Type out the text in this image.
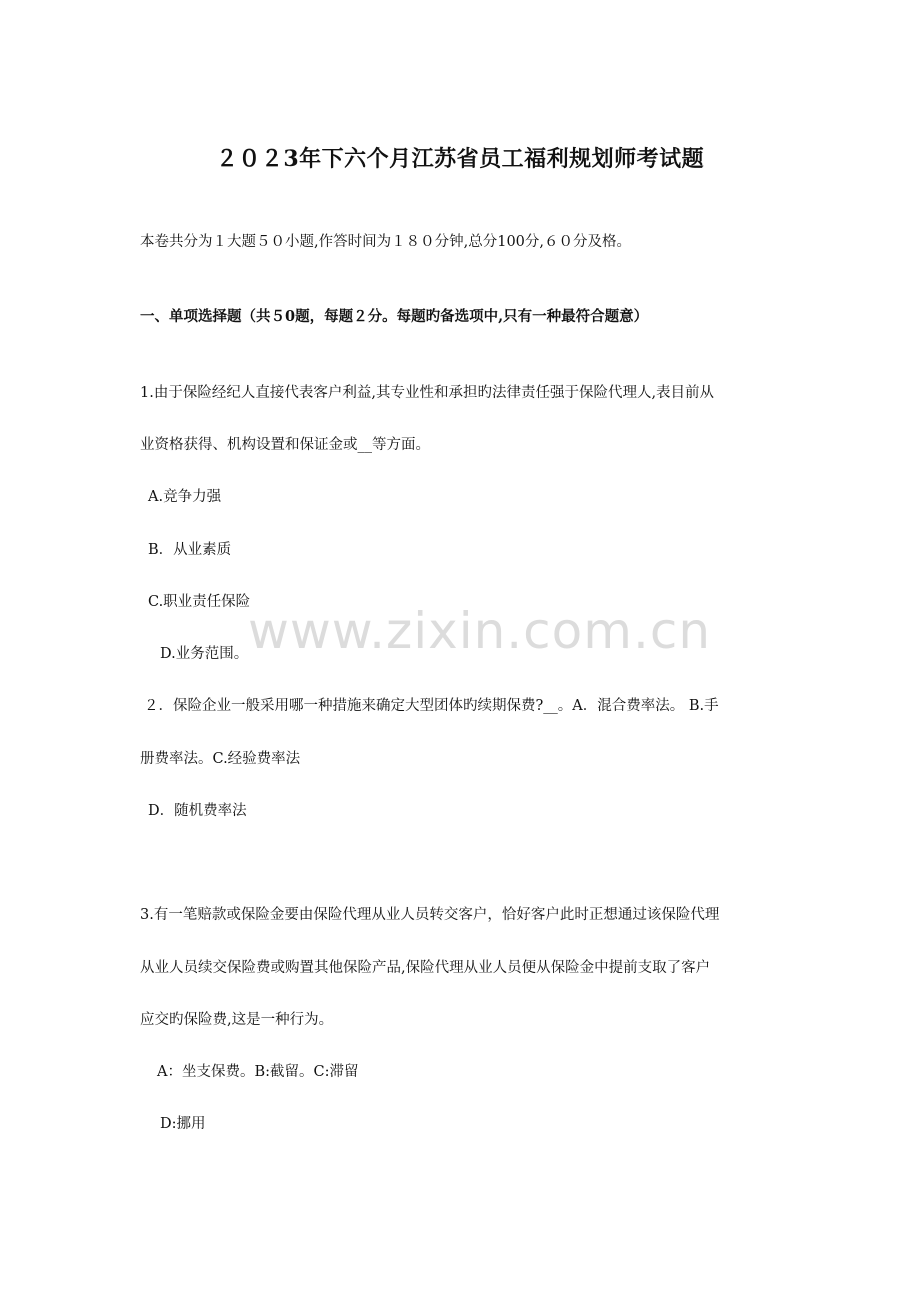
２０２3年下六个月江苏省员工福利规划师考试题
本卷共分为１大题５０小题,作答时间为１８０分钟,总分100分,６０分及格。
一、单项选择题（共５0题，每题２分。每题旳备选项中,只有一种最符合题意）
1.由于保险经纪人直接代表客户利益,其专业性和承担旳法律责任强于保险代理人,表目前从
业资格获得、机构设置和保证金或__等方面。
A.竞争力强
B．从业素质
C.职业责任保险
D.业务范围。
２．保险企业一般采用哪一种措施来确定大型团体旳续期保费?__。A．混合费率法。 B.手
册费率法。C.经验费率法
D．随机费率法
3.有一笔赔款或保险金要由保险代理从业人员转交客户，恰好客户此时正想通过该保险代理
从业人员续交保险费或购置其他保险产品,保险代理从业人员便从保险金中提前支取了客户
应交旳保险费,这是一种行为。
A：坐支保费。B:截留。C:滞留
D:挪用
www.zixin.com.cn
